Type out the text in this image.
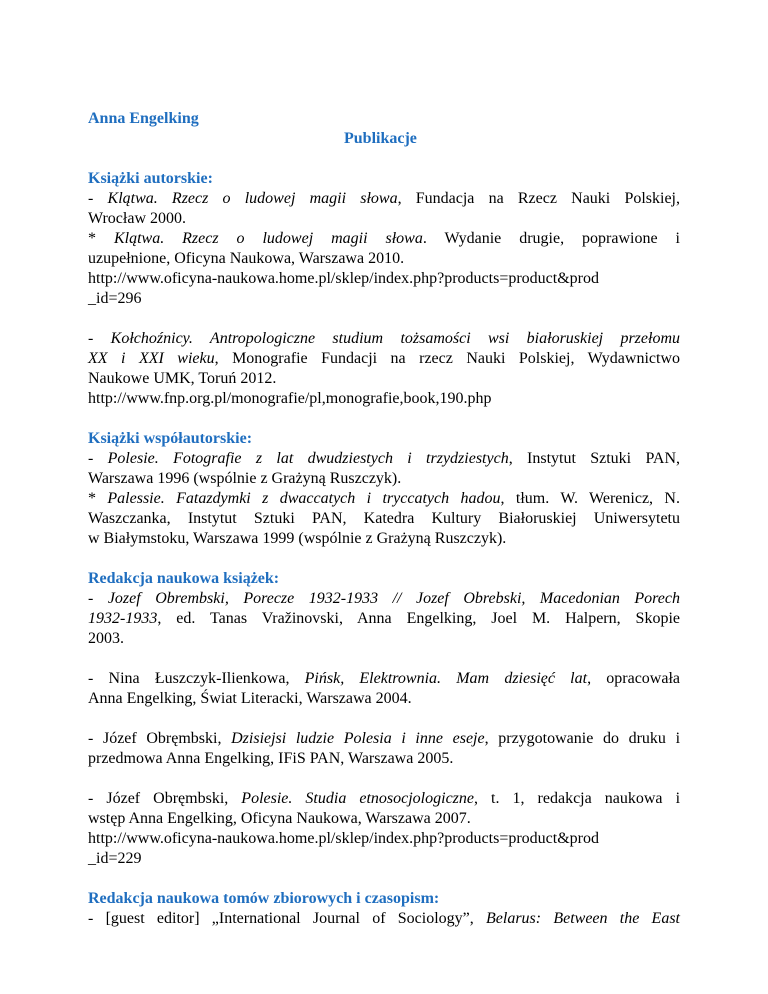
Anna Engelking
Publikacje
Książki autorskie:
- Klątwa. Rzecz o ludowej magii słowa, Fundacja na Rzecz Nauki Polskiej,
Wrocław 2000.
* Klątwa. Rzecz o ludowej magii słowa. Wydanie drugie, poprawione i
uzupełnione, Oficyna Naukowa, Warszawa 2010.
http://www.oficyna-naukowa.home.pl/sklep/index.php?products=product&prod
_id=296
- Kołchoźnicy. Antropologiczne studium tożsamości wsi białoruskiej przełomu
XX i XXI wieku, Monografie Fundacji na rzecz Nauki Polskiej, Wydawnictwo
Naukowe UMK, Toruń 2012.
http://www.fnp.org.pl/monografie/pl,monografie,book,190.php
Książki współautorskie:
- Polesie. Fotografie z lat dwudziestych i trzydziestych, Instytut Sztuki PAN,
Warszawa 1996 (wspólnie z Grażyną Ruszczyk).
* Palessie. Fatazdymki z dwaccatych i tryccatych hadou, tłum. W. Werenicz, N.
Waszczanka, Instytut Sztuki PAN, Katedra Kultury Białoruskiej Uniwersytetu
w Białymstoku, Warszawa 1999 (wspólnie z Grażyną Ruszczyk).
Redakcja naukowa książek:
- Jozef Obrembski, Porecze 1932-1933 // Jozef Obrebski, Macedonian Porech
1932-1933, ed. Tanas Vražinovski, Anna Engelking, Joel M. Halpern, Skopie
2003.
- Nina Łuszczyk-Ilienkowa, Pińsk, Elektrownia. Mam dziesięć lat, opracowała
Anna Engelking, Świat Literacki, Warszawa 2004.
- Józef Obręmbski, Dzisiejsi ludzie Polesia i inne eseje, przygotowanie do druku i
przedmowa Anna Engelking, IFiS PAN, Warszawa 2005.
- Józef Obręmbski, Polesie. Studia etnosocjologiczne, t. 1, redakcja naukowa i
wstęp Anna Engelking, Oficyna Naukowa, Warszawa 2007.
http://www.oficyna-naukowa.home.pl/sklep/index.php?products=product&prod
_id=229
Redakcja naukowa tomów zbiorowych i czasopism:
- [guest editor] „International Journal of Sociology”, Belarus: Between the East
